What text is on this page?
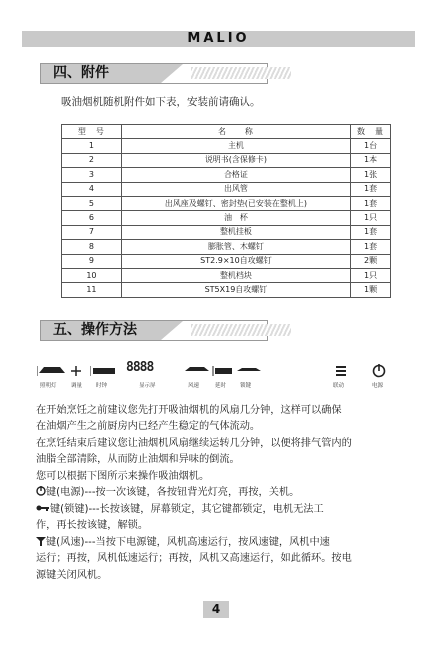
MALIO
四、附件
吸油烟机随机附件如下表，安装前请确认。
型　号	名　　称	数　量
1	主机	1台
2	说明书(含保修卡)	1本
3	合格证	1张
4	出风管	1套
5	出风座及螺钉、密封垫(已安装在整机上)	1套
6	油　杯	1只
7	整机挂板	1套
8	膨胀管、木螺钉	1套
9	ST2.9×10自攻螺钉	2颗
10	整机档块	1只
11	ST5X19自攻螺钉	1颗
五、操作方法
8888
照明灯	调量	时钟	显示屏	风速	延时	锁键	联动	电源
在开始烹饪之前建议您先打开吸油烟机的风扇几分钟，这样可以确保
在油烟产生之前厨房内已经产生稳定的气体流动。
在烹饪结束后建议您让油烟机风扇继续运转几分钟，以便将排气管内的
油脂全部清除，从而防止油烟和异味的倒流。
您可以根据下图所示来操作吸油烟机。
键(电源)---按一次该键，各按钮背光灯亮，再按，关机。
键(锁键)---长按该键，屏幕锁定，其它键都锁定，电机无法工
作，再长按该键，解锁。
键(风速)---当按下电源键，风机高速运行，按风速键，风机中速
运行；再按，风机低速运行；再按，风机又高速运行，如此循环。按电
源键关闭风机。
4
